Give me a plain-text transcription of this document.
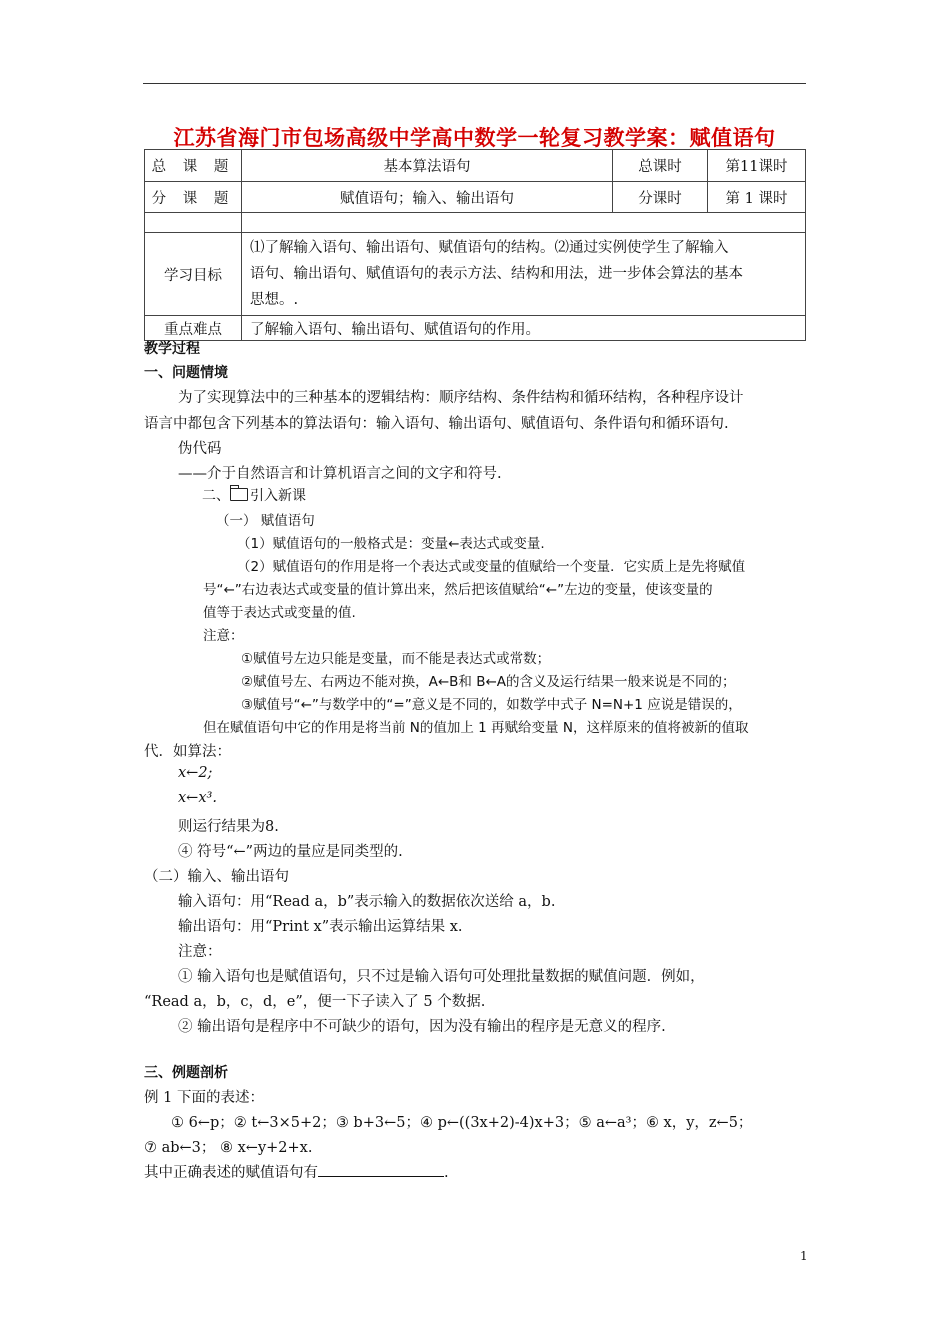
江苏省海门市包场高级中学高中数学一轮复习教学案：赋值语句
总 课 题	基本算法语句	总课时	第11课时
分 课 题	赋值语句；输入、输出语句	分课时	第 1 课时

学习目标	⑴了解输入语句、输出语句、赋值语句的结构。⑵通过实例使学生了解输入
语句、输出语句、赋值语句的表示方法、结构和用法，进一步体会算法的基本
思想。.		

重点难点	了解输入语句、输出语句、赋值语句的作用。		
教学过程
一、问题情境
为了实现算法中的三种基本的逻辑结构：顺序结构、条件结构和循环结构，各种程序设计
语言中都包含下列基本的算法语句：输入语句、输出语句、赋值语句、条件语句和循环语句.
伪代码
——介于自然语言和计算机语言之间的文字和符号.
二、 引入新课
（一） 赋值语句
（1）赋值语句的一般格式是：变量←表达式或变量.
（2）赋值语句的作用是将一个表达式或变量的值赋给一个变量．它实质上是先将赋值
号“←”右边表达式或变量的值计算出来，然后把该值赋给“←”左边的变量，使该变量的
值等于表达式或变量的值.
注意：
①赋值号左边只能是变量，而不能是表达式或常数；
②赋值号左、右两边不能对换，A←B和 B←A的含义及运行结果一般来说是不同的；
③赋值号“←”与数学中的“=”意义是不同的，如数学中式子 N=N+1 应说是错误的，
但在赋值语句中它的作用是将当前 N的值加上 1 再赋给变量 N，这样原来的值将被新的值取
代．如算法：
x←2;
x←x³.
则运行结果为8.
④ 符号“←”两边的量应是同类型的.
（二）输入、输出语句
输入语句：用“Read a，b”表示输入的数据依次送给 a，b.
输出语句：用“Print x”表示输出运算结果 x.
注意：
① 输入语句也是赋值语句，只不过是输入语句可处理批量数据的赋值问题．例如，
“Read a，b，c，d，e”，便一下子读入了 5 个数据.
② 输出语句是程序中不可缺少的语句，因为没有输出的程序是无意义的程序.
三、例题剖析
例 1 下面的表述：
① 6←p；② t←3×5+2；③ b+3←5；④ p←((3x+2)-4)x+3；⑤ a←a³；⑥ x，y，z←5；
⑦ ab←3； ⑧ x←y+2+x.
其中正确表述的赋值语句有	.
1
